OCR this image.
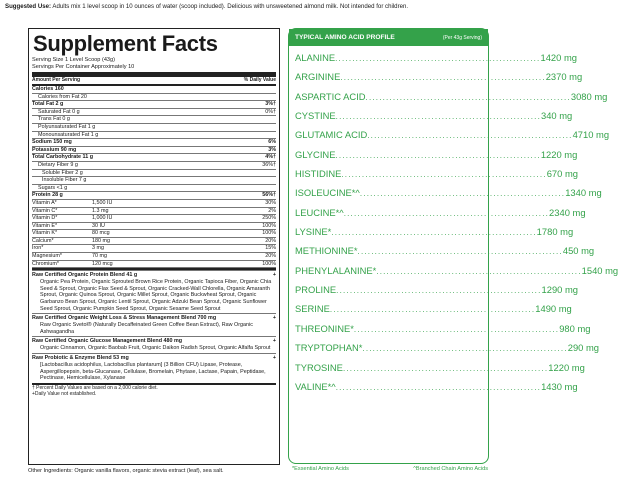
Suggested Use: Adults mix 1 level scoop in 10 ounces of water (scoop included). Delicious with unsweetened almond milk. Not intended for children.
Supplement Facts
Serving Size 1 Level Scoop (43g)
Servings Per Container Approximately 10
Amount Per Serving	% Daily Value
Calories 160
Calories from Fat 20
Total Fat 2 g	3%†
Saturated Fat 0 g	0%†
Trans Fat 0 g
Polyunsaturated Fat 1 g
Monounsaturated Fat 1 g
Sodium 150 mg	6%
Potassium 90 mg	3%
Total Carbohydrate 11 g	4%†
Dietary Fiber 9 g	36%†
Soluble Fiber 2 g
Insoluble Fiber 7 g
Sugars <1 g
Protein 28 g	56%†
Vitamin A*	1,500 IU	30%
Vitamin C*	1.3 mg	2%
Vitamin D*	1,000 IU	250%
Vitamin E*	30 IU	100%
Vitamin K*	80 mcg	100%
Calcium*	180 mg	20%
Iron*	3 mg	15%
Magnesium*	70 mg	20%
Chromium*	120 mcg	100%
Raw Certified Organic Protein Blend 41 g	+
Organic Pea Protein, Organic Sprouted Brown Rice Protein, Organic Tapioca Fiber, Organic Chia Seed & Sprout, Organic Flax Seed & Sprout, Organic Cracked-Wall Chlorella, Organic Amaranth Sprout, Organic Quinoa Sprout, Organic Millet Sprout, Organic Buckwheat Sprout, Organic Garbanzo Bean Sprout, Organic Lentil Sprout, Organic Adzuki Bean Sprout, Organic Sunflower Seed Sprout, Organic Pumpkin Seed Sprout, Organic Sesame Seed Sprout
Raw Certified Organic Weight Loss & Stress Management Blend 700 mg	+
Raw Organic Svetol® (Naturally Decaffeinated Green Coffee Bean Extract), Raw Organic Ashwagandha
Raw Certified Organic Glucose Management Blend 480 mg	+
Organic Cinnamon, Organic Baobab Fruit, Organic Daikon Radish Sprout, Organic Alfalfa Sprout
Raw Probiotic & Enzyme Blend 53 mg	+
[Lactobacillus acidophilus, Lactobacillus plantarum] (3 Billion CFU) Lipase, Protease, Aspergillopepsin, beta-Glucanase, Cellulase, Bromelain, Phytase, Lactase, Papain, Peptidase, Pectinase, Hemicellulase, Xylanase
† Percent Daily Values are based on a 2,000 calorie diet.
+Daily Value not established.
Other Ingredients: Organic vanilla flavors, organic stevia extract (leaf), sea salt.
TYPICAL AMINO ACID PROFILE	(Per 43g Serving)
ALANINE ............................................................ 1420 mg
ARGININE ............................................................ 2370 mg
ASPARTIC ACID ............................................................ 3080 mg
CYSTINE ............................................................ 340 mg
GLUTAMIC ACID ............................................................ 4710 mg
GLYCINE ............................................................ 1220 mg
HISTIDINE ............................................................ 670 mg
ISOLEUCINE*^ ............................................................ 1340 mg
LEUCINE*^ ............................................................ 2340 mg
LYSINE* ............................................................ 1780 mg
METHIONINE* ............................................................ 450 mg
PHENYLALANINE* ............................................................ 1540 mg
PROLINE ............................................................ 1290 mg
SERINE ............................................................ 1490 mg
THREONINE* ............................................................ 980 mg
TRYPTOPHAN* ............................................................ 290 mg
TYROSINE ............................................................ 1220 mg
VALINE*^ ............................................................ 1430 mg
*Essential Amino Acids	^Branched Chain Amino Acids
